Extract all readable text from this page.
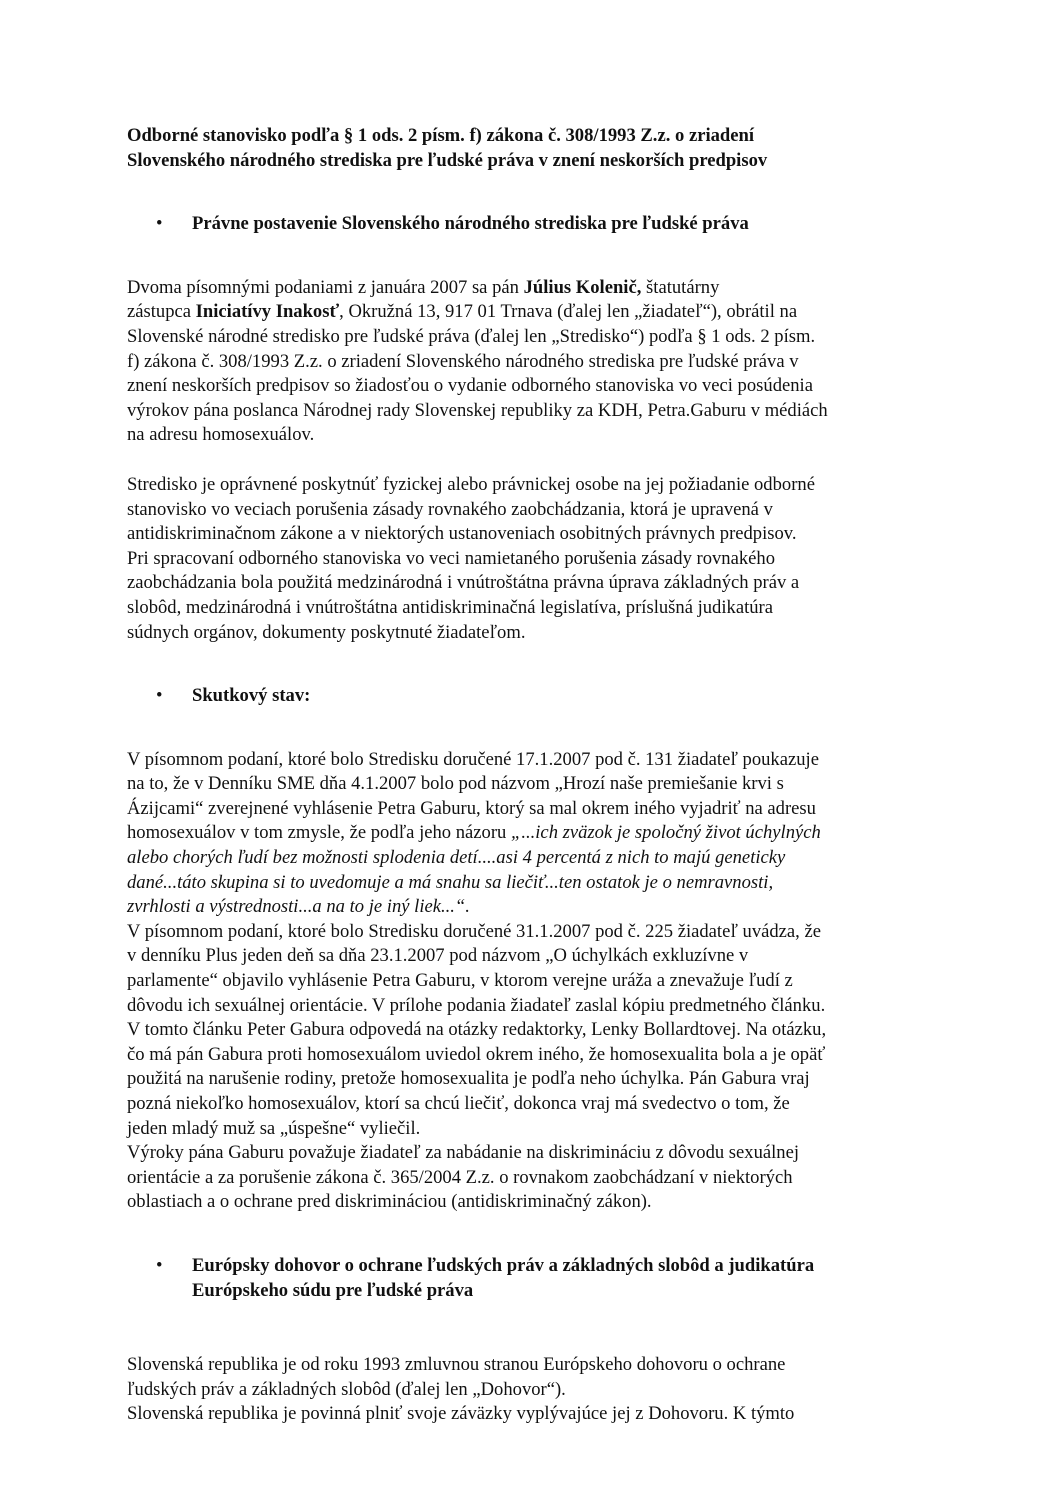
Odborné stanovisko podľa § 1 ods. 2 písm. f) zákona č. 308/1993 Z.z. o zriadení
Slovenského národného strediska pre ľudské práva v znení neskorších predpisov

• Právne postavenie Slovenského národného strediska pre ľudské práva

Dvoma písomnými podaniami z januára 2007 sa pán Július Kolenič, štatutárny
zástupca Iniciatívy Inakosť, Okružná 13, 917 01 Trnava (ďalej len „žiadateľ“), obrátil na
Slovenské národné stredisko pre ľudské práva (ďalej len „Stredisko“) podľa § 1 ods. 2 písm.
f) zákona č. 308/1993 Z.z. o zriadení Slovenského národného strediska pre ľudské práva v
znení neskorších predpisov so žiadosťou o vydanie odborného stanoviska vo veci posúdenia
výrokov pána poslanca Národnej rady Slovenskej republiky za KDH, Petra.Gaburu v médiách
na adresu homosexuálov.

Stredisko je oprávnené poskytnúť fyzickej alebo právnickej osobe na jej požiadanie odborné
stanovisko vo veciach porušenia zásady rovnakého zaobchádzania, ktorá je upravená v
antidiskriminačnom zákone a v niektorých ustanoveniach osobitných právnych predpisov.
Pri spracovaní odborného stanoviska vo veci namietaného porušenia zásady rovnakého
zaobchádzania bola použitá medzinárodná i vnútroštátna právna úprava základných práv a
slobôd, medzinárodná i vnútroštátna antidiskriminačná legislatíva, príslušná judikatúra
súdnych orgánov, dokumenty poskytnuté žiadateľom.

• Skutkový stav:

V písomnom podaní, ktoré bolo Stredisku doručené 17.1.2007 pod č. 131 žiadateľ poukazuje
na to, že v Denníku SME dňa 4.1.2007 bolo pod názvom „Hrozí naše premiešanie krvi s
Ázijcami“ zverejnené vyhlásenie Petra Gaburu, ktorý sa mal okrem iného vyjadriť na adresu
homosexuálov v tom zmysle, že podľa jeho názoru „...ich zväzok je spoločný život úchylných
alebo chorých ľudí bez možnosti splodenia detí....asi 4 percentá z nich to majú geneticky
dané...táto skupina si to uvedomuje a má snahu sa liečiť...ten ostatok je o nemravnosti,
zvrhlosti a výstrednosti...a na to je iný liek...“.

V písomnom podaní, ktoré bolo Stredisku doručené 31.1.2007 pod č. 225 žiadateľ uvádza, že
v denníku Plus jeden deň sa dňa 23.1.2007 pod názvom „O úchylkách exkluzívne v
parlamente“ objavilo vyhlásenie Petra Gaburu, v ktorom verejne uráža a znevažuje ľudí z
dôvodu ich sexuálnej orientácie. V prílohe podania žiadateľ zaslal kópiu predmetného článku.
V tomto článku Peter Gabura odpovedá na otázky redaktorky, Lenky Bollardtovej. Na otázku,
čo má pán Gabura proti homosexuálom uviedol okrem iného, že homosexualita bola a je opäť
použitá na narušenie rodiny, pretože homosexualita je podľa neho úchylka. Pán Gabura vraj
pozná niekoľko homosexuálov, ktorí sa chcú liečiť, dokonca vraj má svedectvo o tom, že
jeden mladý muž sa „úspešne“ vyliečil.

Výroky pána Gaburu považuje žiadateľ za nabádanie na diskrimináciu z dôvodu sexuálnej
orientácie a za porušenie zákona č. 365/2004 Z.z. o rovnakom zaobchádzaní v niektorých
oblastiach a o ochrane pred diskrimináciou (antidiskriminačný zákon).

• Európsky dohovor o ochrane ľudských práv a základných slobôd a judikatúra
Európskeho súdu pre ľudské práva

Slovenská republika je od roku 1993 zmluvnou stranou Európskeho dohovoru o ochrane
ľudských práv a základných slobôd (ďalej len „Dohovor“).
Slovenská republika je povinná plniť svoje záväzky vyplývajúce jej z Dohovoru. K týmto
